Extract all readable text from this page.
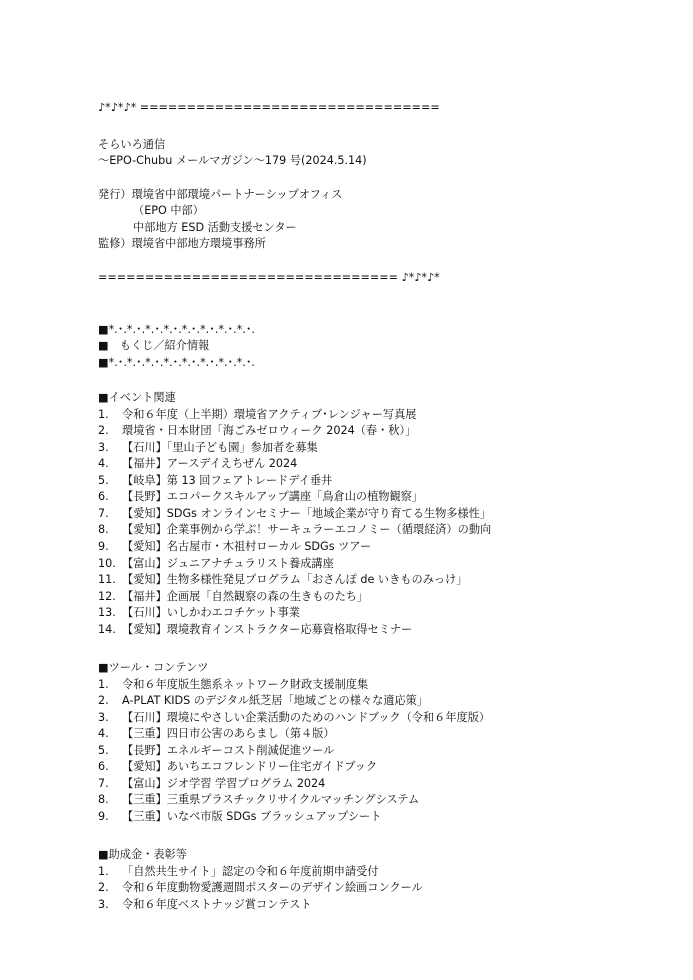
♪*♪*♪* ================================
そらいろ通信
～EPO-Chubu メールマガジン～179 号(2024.5.14)
発行）環境省中部環境パートナーシップオフィス
（EPO 中部）
中部地方 ESD 活動支援センター
監修）環境省中部地方環境事務所
================================ ♪*♪*♪*
■*.･.*.･.*.･.*.･.*.･.*.･.*.･.*.･.
■　もくじ／紹介情報
■*.･.*.･.*.･.*.･.*.･.*.･.*.･.*.･.
■イベント関連
1. 令和６年度（上半期）環境省アクティブ･レンジャー写真展
2. 環境省・日本財団「海ごみゼロウィーク 2024（春・秋）」
3. 【石川】「里山子ども園」参加者を募集
4. 【福井】アースデイえちぜん 2024
5. 【岐阜】第 13 回フェアトレードデイ垂井
6. 【長野】エコパークスキルアップ講座「鳥倉山の植物観察」
7. 【愛知】SDGs オンラインセミナー「地域企業が守り育てる生物多様性」
8. 【愛知】企業事例から学ぶ！サーキュラーエコノミー（循環経済）の動向
9. 【愛知】名古屋市・木祖村ローカル SDGs ツアー
10. 【富山】ジュニアナチュラリスト養成講座
11. 【愛知】生物多様性発見プログラム「おさんぽ de いきものみっけ」
12. 【福井】企画展「自然観察の森の生きものたち」
13. 【石川】いしかわエコチケット事業
14. 【愛知】環境教育インストラクター応募資格取得セミナー
■ツール・コンテンツ
1. 令和６年度版生態系ネットワーク財政支援制度集
2. A-PLAT KIDS のデジタル紙芝居「地域ごとの様々な適応策」
3. 【石川】環境にやさしい企業活動のためのハンドブック（令和６年度版）
4. 【三重】四日市公害のあらまし（第４版）
5. 【長野】エネルギーコスト削減促進ツール
6. 【愛知】あいちエコフレンドリー住宅ガイドブック
7. 【富山】ジオ学習 学習プログラム 2024
8. 【三重】三重県プラスチックリサイクルマッチングシステム
9. 【三重】いなべ市版 SDGs ブラッシュアップシート
■助成金・表彰等
1. 「自然共生サイト」認定の令和６年度前期申請受付
2. 令和６年度動物愛護週間ポスターのデザイン絵画コンクール
3. 令和６年度ベストナッジ賞コンテスト
